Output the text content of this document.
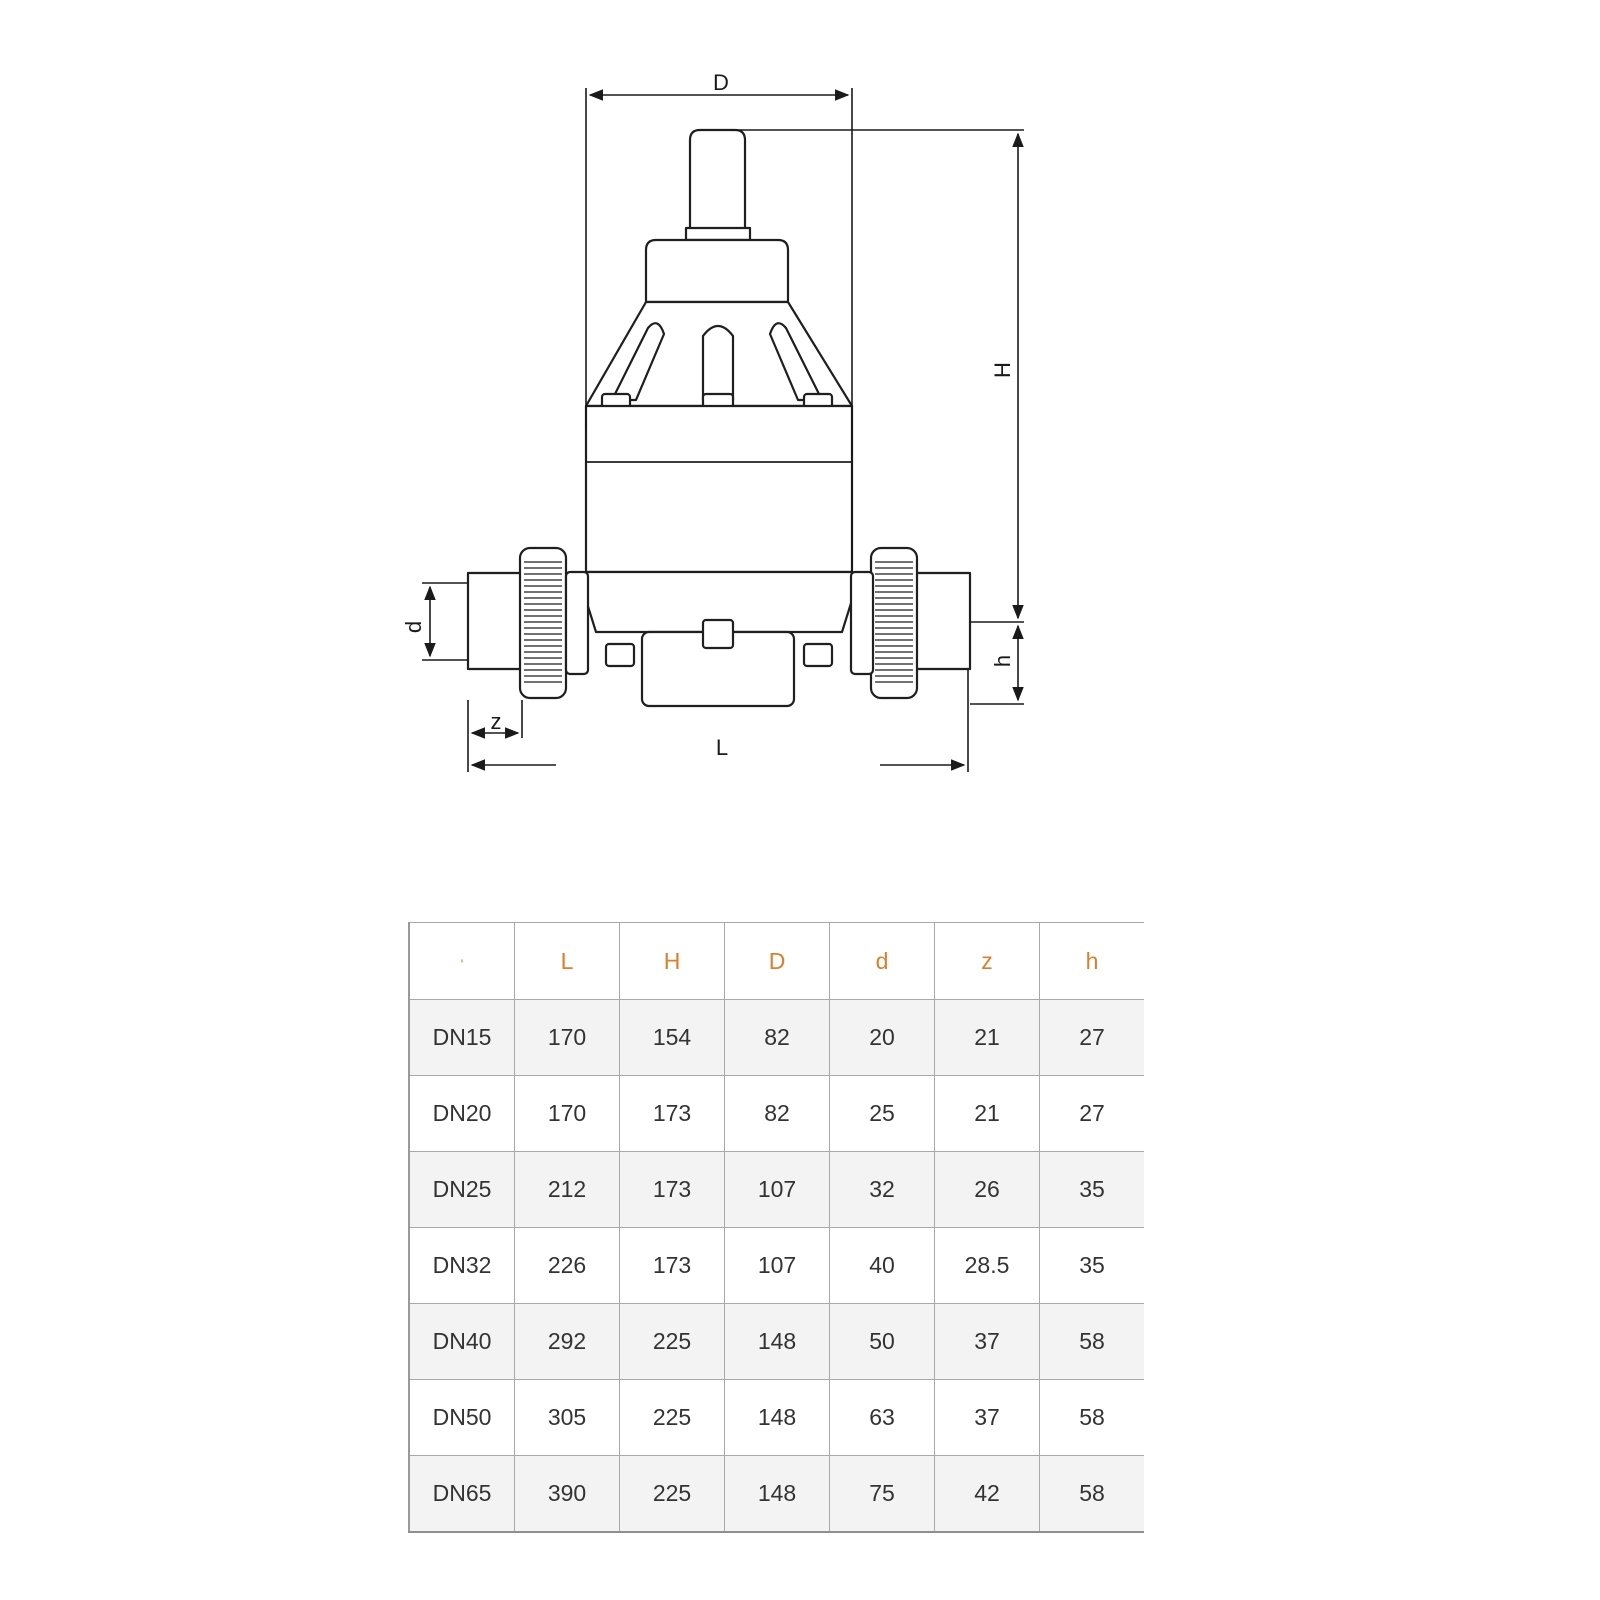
D
H
h
d
z
L
'	L	H	D	d	z	h
DN15	170	154	82	20	21	27
DN20	170	173	82	25	21	27
DN25	212	173	107	32	26	35
DN32	226	173	107	40	28.5	35
DN40	292	225	148	50	37	58
DN50	305	225	148	63	37	58
DN65	390	225	148	75	42	58
